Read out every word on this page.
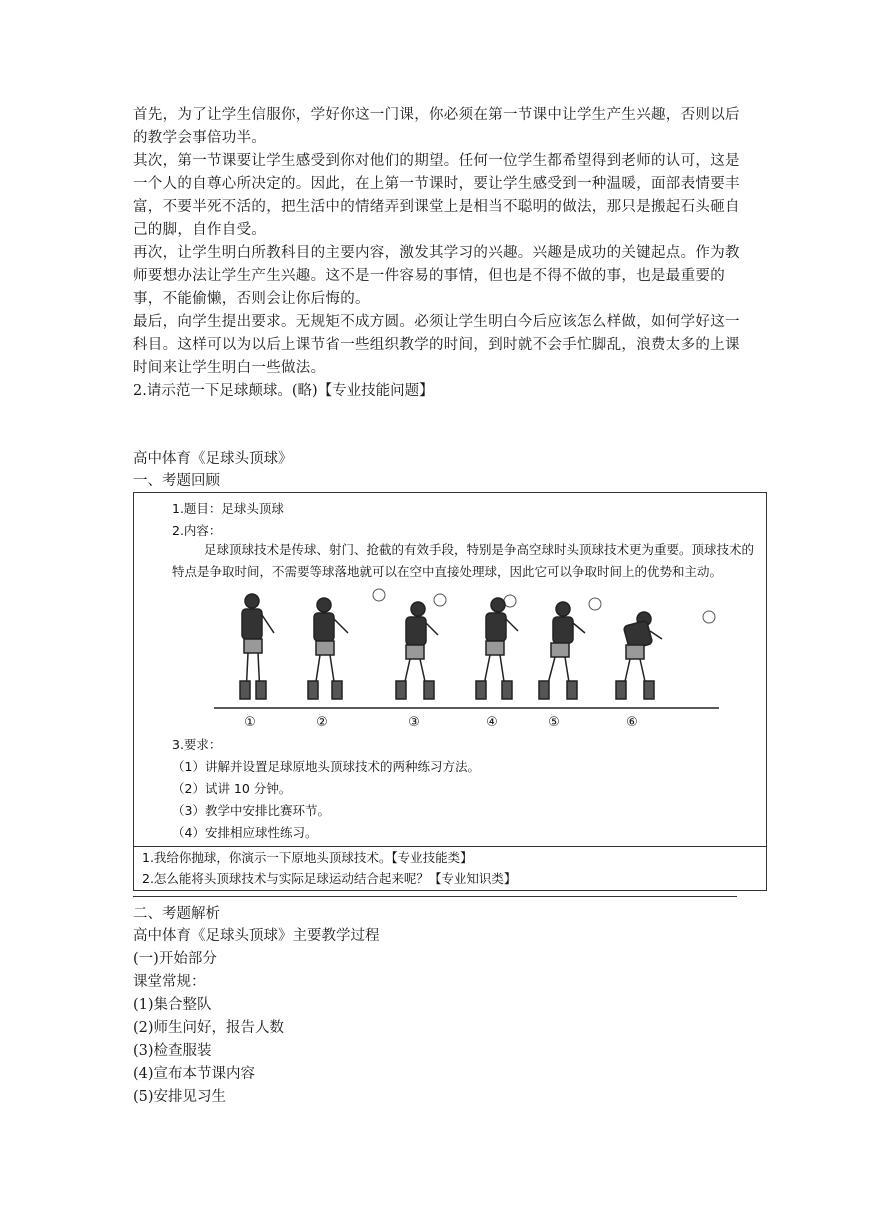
首先，为了让学生信服你，学好你这一门课，你必须在第一节课中让学生产生兴趣，否则以后的教学会事倍功半。
其次，第一节课要让学生感受到你对他们的期望。任何一位学生都希望得到老师的认可，这是一个人的自尊心所决定的。因此，在上第一节课时，要让学生感受到一种温暖，面部表情要丰富，不要半死不活的，把生活中的情绪弄到课堂上是相当不聪明的做法，那只是搬起石头砸自己的脚，自作自受。
再次，让学生明白所教科目的主要内容，激发其学习的兴趣。兴趣是成功的关键起点。作为教师要想办法让学生产生兴趣。这不是一件容易的事情，但也是不得不做的事，也是最重要的事，不能偷懒，否则会让你后悔的。
最后，向学生提出要求。无规矩不成方圆。必须让学生明白今后应该怎么样做，如何学好这一科目。这样可以为以后上课节省一些组织教学的时间，到时就不会手忙脚乱，浪费太多的上课时间来让学生明白一些做法。
2.请示范一下足球颠球。(略)【专业技能问题】
高中体育《足球头顶球》
一、考题回顾
1.题目：足球头顶球
2.内容：
足球顶球技术是传球、射门、抢截的有效手段，特别是争高空球时头顶球技术更为重要。顶球技术的特点是争取时间，不需要等球落地就可以在空中直接处理球，因此它可以争取时间上的优势和主动。
①	②	③	④	⑤	⑥
3.要求：
（1）讲解并设置足球原地头顶球技术的两种练习方法。
（2）试讲 10 分钟。
（3）教学中安排比赛环节。
（4）安排相应球性练习。
1.我给你抛球，你演示一下原地头顶球技术。【专业技能类】
2.怎么能将头顶球技术与实际足球运动结合起来呢？【专业知识类】
二、考题解析
高中体育《足球头顶球》主要教学过程
(一)开始部分
课堂常规：
(1)集合整队
(2)师生问好，报告人数
(3)检查服装
(4)宣布本节课内容
(5)安排见习生
